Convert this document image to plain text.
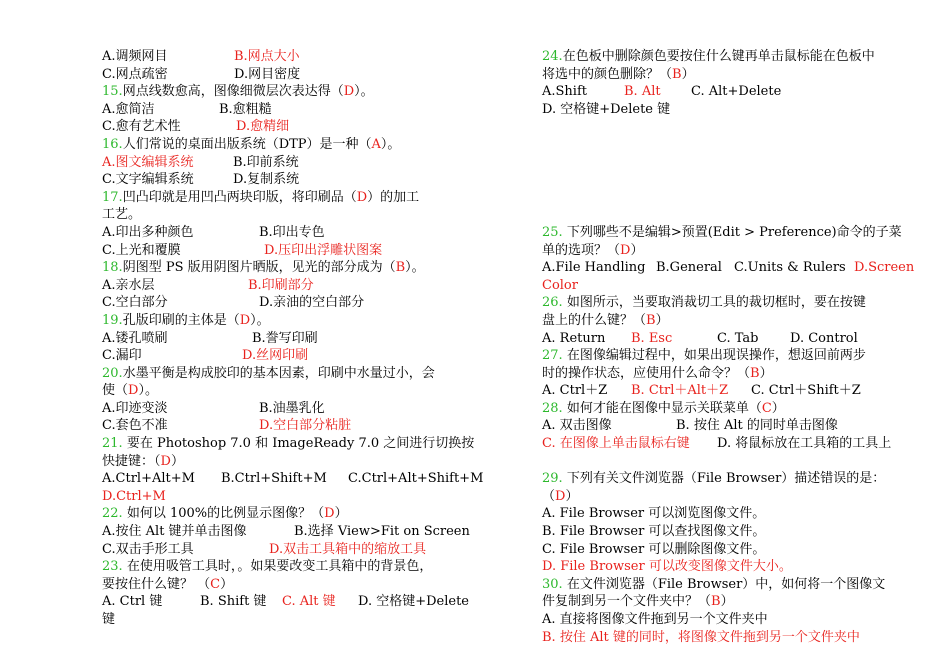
A.调频网目	B.网点大小
C.网点疏密	D.网目密度
15.网点线数愈高，图像细微层次表达得（D）。
A.愈简洁	B.愈粗糙
C.愈有艺术性	D.愈精细
16.人们常说的桌面出版系统（DTP）是一种（A）。
A.图文编辑系统	B.印前系统
C.文字编辑系统	D.复制系统
17.凹凸印就是用凹凸两块印版，将印刷品（D）的加工
工艺。
A.印出多种颜色	B.印出专色
C.上光和覆膜	D.压印出浮雕状图案
18.阴图型 PS 版用阴图片晒版，见光的部分成为（B）。
A.亲水层	B.印刷部分
C.空白部分	D.亲油的空白部分
19.孔版印刷的主体是（D）。
A.镂孔喷刷	B.誊写印刷
C.漏印	D.丝网印刷
20.水墨平衡是构成胶印的基本因素，印刷中水量过小，会
使（D）。
A.印迹变淡	B.油墨乳化
C.套色不准	D.空白部分粘脏
21. 要在 Photoshop 7.0 和 ImageReady 7.0 之间进行切换按
快捷键：（D）
A.Ctrl+Alt+M B.Ctrl+Shift+M C.Ctrl+Alt+Shift+M
D.Ctrl+M
22. 如何以 100%的比例显示图像？（D）
A.按住 Alt 键并单击图像	B.选择 View>Fit on Screen
C.双击手形工具	D.双击工具箱中的缩放工具
23. 在使用吸管工具时，。如果要改变工具箱中的背景色，
要按住什么键？ （C）
A. Ctrl 键	B. Shift 键 C. Alt 键 D. 空格键+Delete
键
24.在色板中删除颜色要按住什么键再单击鼠标能在色板中
将选中的颜色删除？（B）
A.Shift	B. Alt C. Alt+Delete
D. 空格键+Delete 键
25. 下列哪些不是编辑>预置(Edit > Preference)命令的子菜
单的选项？（D）
A.File Handling B.General C.Units & Rulers D.Screen
Color
26. 如图所示，当要取消裁切工具的裁切框时，要在按键
盘上的什么键？（B）
A. Return B. Esc	C. Tab D. Control
27. 在图像编辑过程中，如果出现误操作，想返回前两步
时的操作状态，应使用什么命令？（B）
A. Ctrl＋Z B. Ctrl＋Alt＋Z C. Ctrl＋Shift＋Z
28. 如何才能在图像中显示关联菜单（C）
A. 双击图像	B. 按住 Alt 的同时单击图像
C. 在图像上单击鼠标右键 D. 将鼠标放在工具箱的工具上
29. 下列有关文件浏览器（File Browser）描述错误的是：
（D）
A. File Browser 可以浏览图像文件。
B. File Browser 可以查找图像文件。
C. File Browser 可以删除图像文件。
D. File Browser 可以改变图像文件大小。
30. 在文件浏览器（File Browser）中，如何将一个图像文
件复制到另一个文件夹中？（B）
A. 直接将图像文件拖到另一个文件夹中
B. 按住 Alt 键的同时，将图像文件拖到另一个文件夹中
